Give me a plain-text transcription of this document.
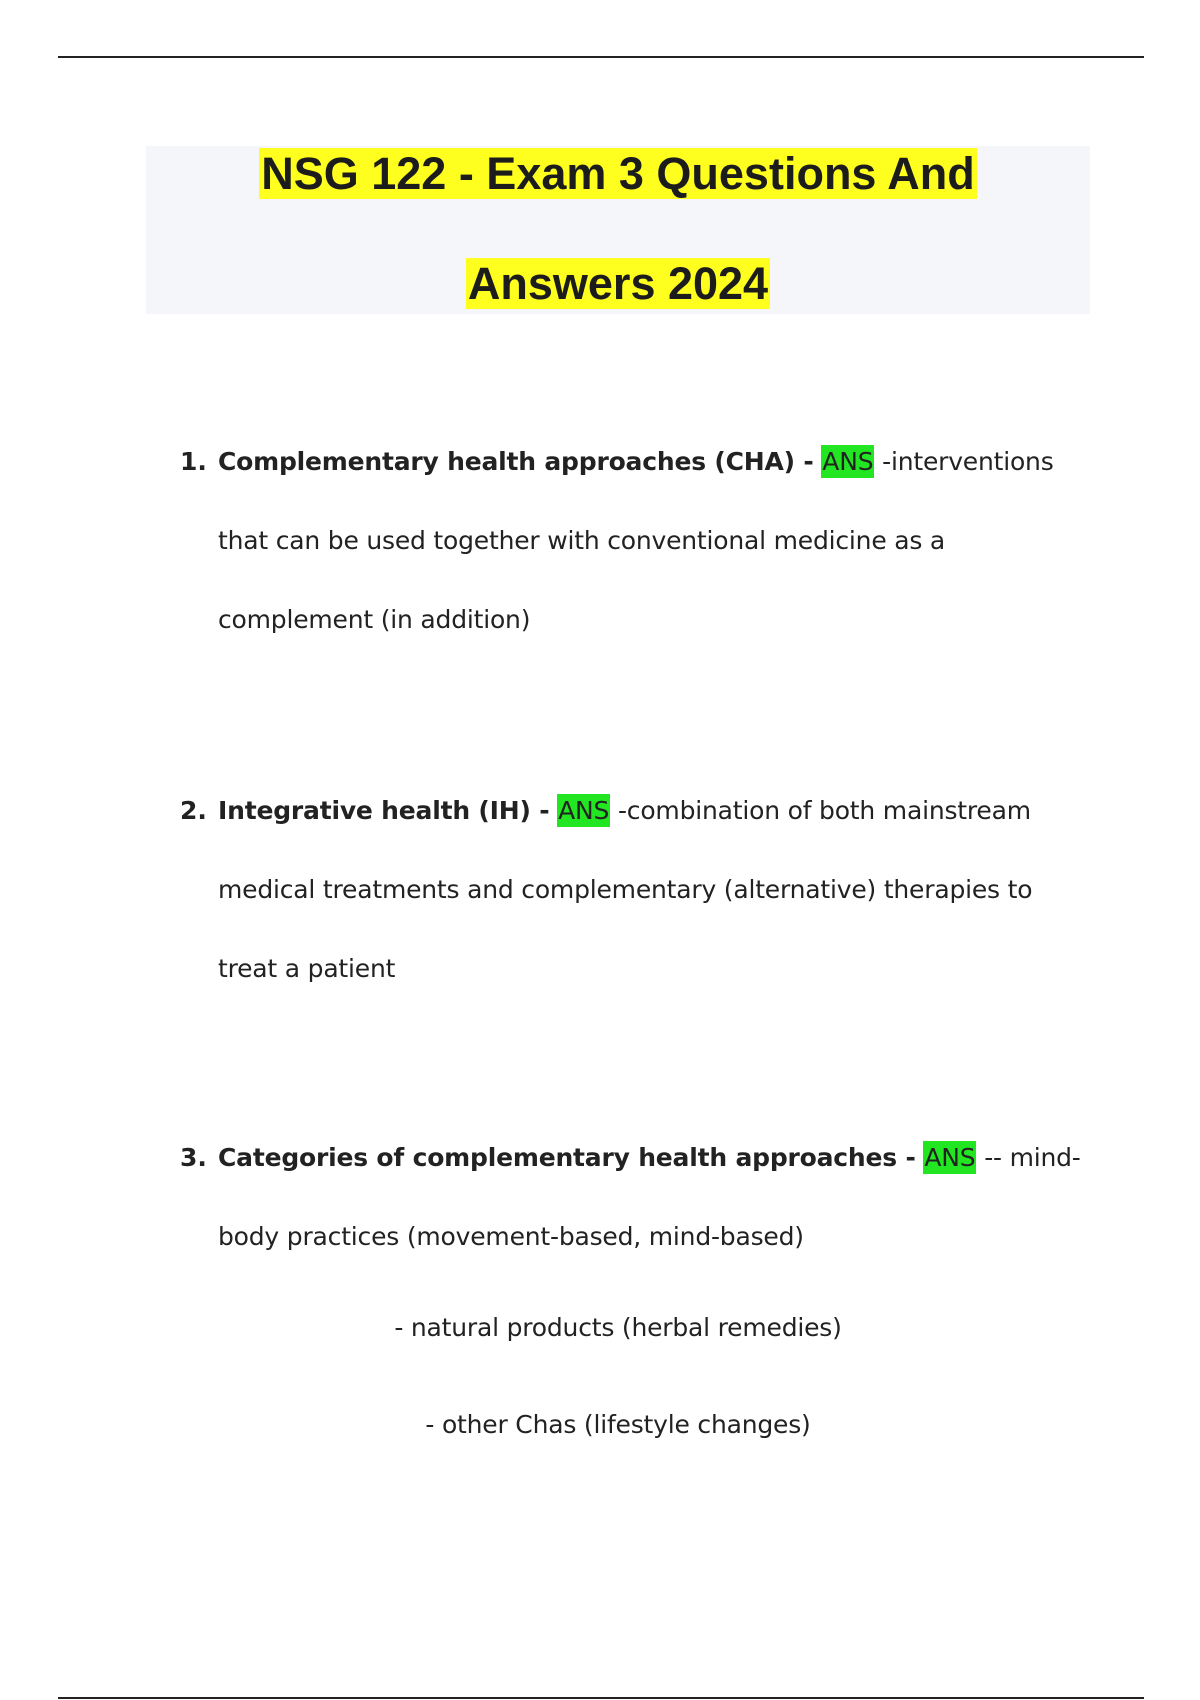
NSG 122 - Exam 3 Questions And
Answers 2024
1. Complementary health approaches (CHA) - ANS -interventions that can be used together with conventional medicine as a complement (in addition)
2. Integrative health (IH) - ANS -combination of both mainstream medical treatments and complementary (alternative) therapies to treat a patient
3. Categories of complementary health approaches - ANS -- mind-body practices (movement-based, mind-based)
- natural products (herbal remedies)
- other Chas (lifestyle changes)
